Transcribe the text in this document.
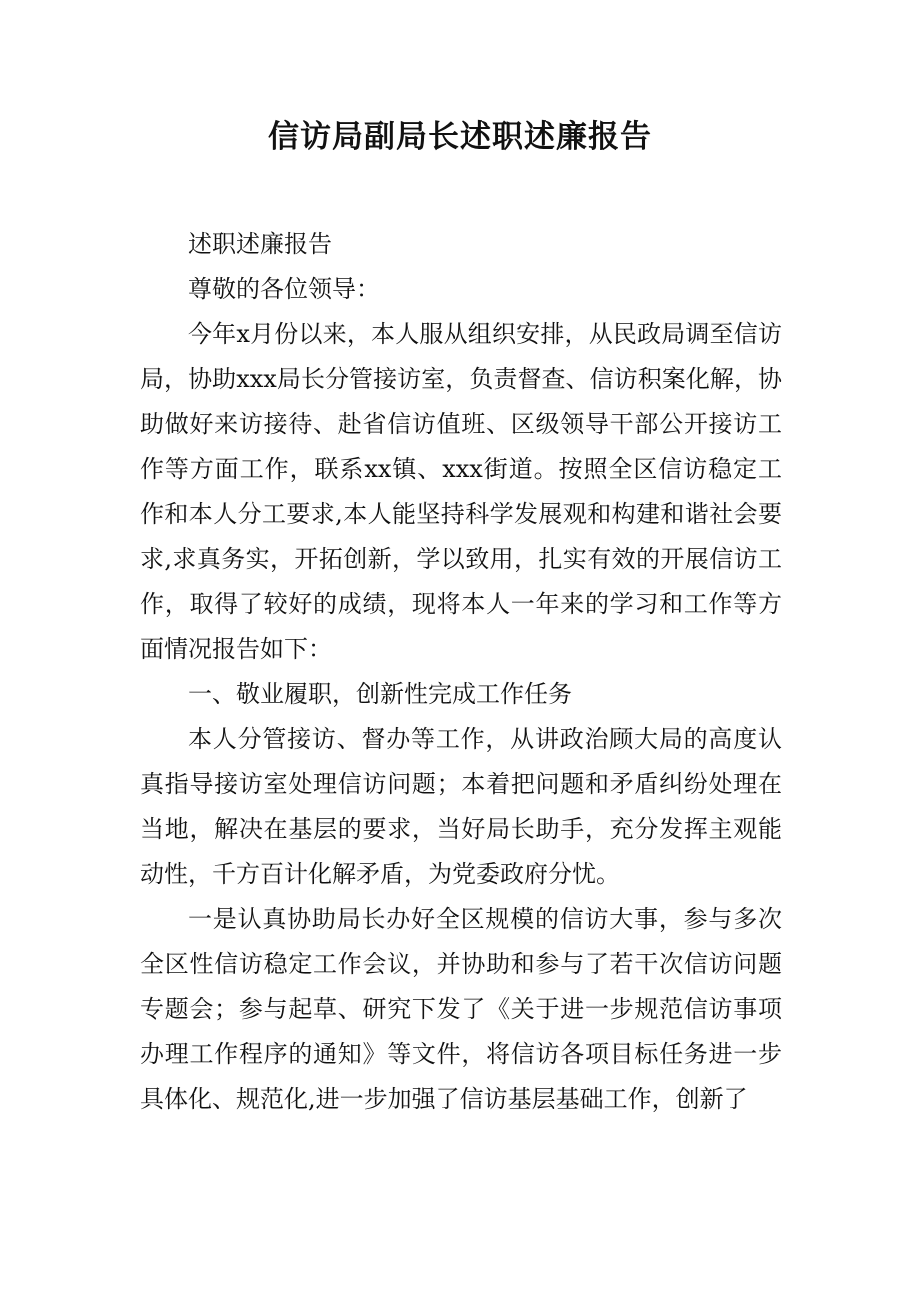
信访局副局长述职述廉报告

述职述廉报告

尊敬的各位领导：

今年x月份以来，本人服从组织安排，从民政局调至信访局，协助xxx局长分管接访室，负责督查、信访积案化解，协助做好来访接待、赴省信访值班、区级领导干部公开接访工作等方面工作，联系xx镇、xxx街道。按照全区信访稳定工作和本人分工要求,本人能坚持科学发展观和构建和谐社会要求,求真务实，开拓创新，学以致用，扎实有效的开展信访工作，取得了较好的成绩，现将本人一年来的学习和工作等方面情况报告如下：

一、敬业履职，创新性完成工作任务

本人分管接访、督办等工作，从讲政治顾大局的高度认真指导接访室处理信访问题；本着把问题和矛盾纠纷处理在当地，解决在基层的要求，当好局长助手，充分发挥主观能动性，千方百计化解矛盾，为党委政府分忧。

一是认真协助局长办好全区规模的信访大事，参与多次全区性信访稳定工作会议，并协助和参与了若干次信访问题专题会；参与起草、研究下发了《关于进一步规范信访事项办理工作程序的通知》等文件，将信访各项目标任务进一步具体化、规范化,进一步加强了信访基层基础工作，创新了
